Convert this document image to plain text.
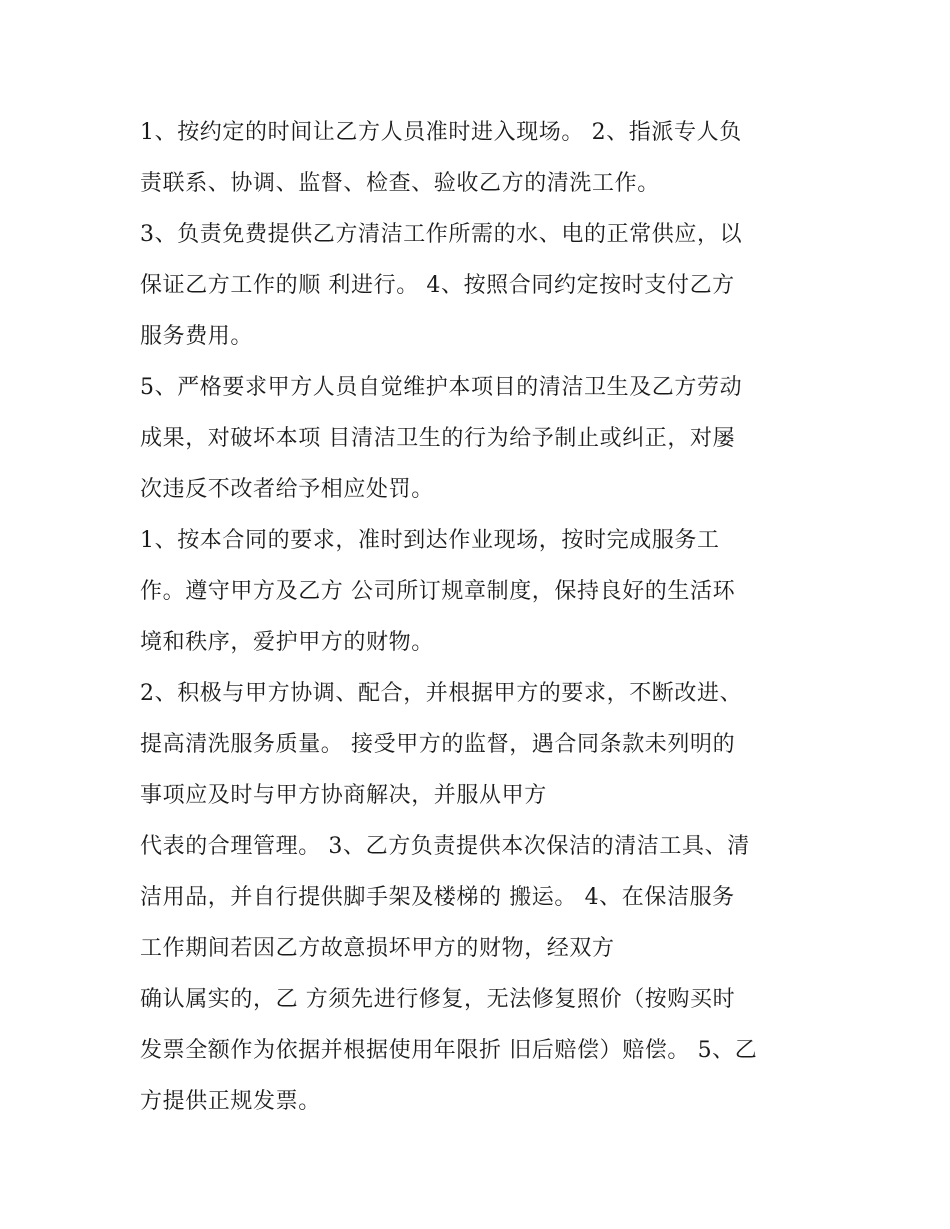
1、按约定的时间让乙方人员准时进入现场。 2、指派专人负
责联系、协调、监督、检查、验收乙方的清洗工作。
3、负责免费提供乙方清洁工作所需的水、电的正常供应，以
保证乙方工作的顺 利进行。 4、按照合同约定按时支付乙方
服务费用。
5、严格要求甲方人员自觉维护本项目的清洁卫生及乙方劳动
成果，对破坏本项 目清洁卫生的行为给予制止或纠正，对屡
次违反不改者给予相应处罚。
1、按本合同的要求，准时到达作业现场，按时完成服务工
作。遵守甲方及乙方 公司所订规章制度，保持良好的生活环
境和秩序，爱护甲方的财物。
2、积极与甲方协调、配合，并根据甲方的要求，不断改进、
提高清洗服务质量。 接受甲方的监督，遇合同条款未列明的
事项应及时与甲方协商解决，并服从甲方
代表的合理管理。 3、乙方负责提供本次保洁的清洁工具、清
洁用品，并自行提供脚手架及楼梯的 搬运。 4、在保洁服务
工作期间若因乙方故意损坏甲方的财物，经双方
确认属实的，乙 方须先进行修复，无法修复照价（按购买时
发票全额作为依据并根据使用年限折 旧后赔偿）赔偿。 5、乙
方提供正规发票。
